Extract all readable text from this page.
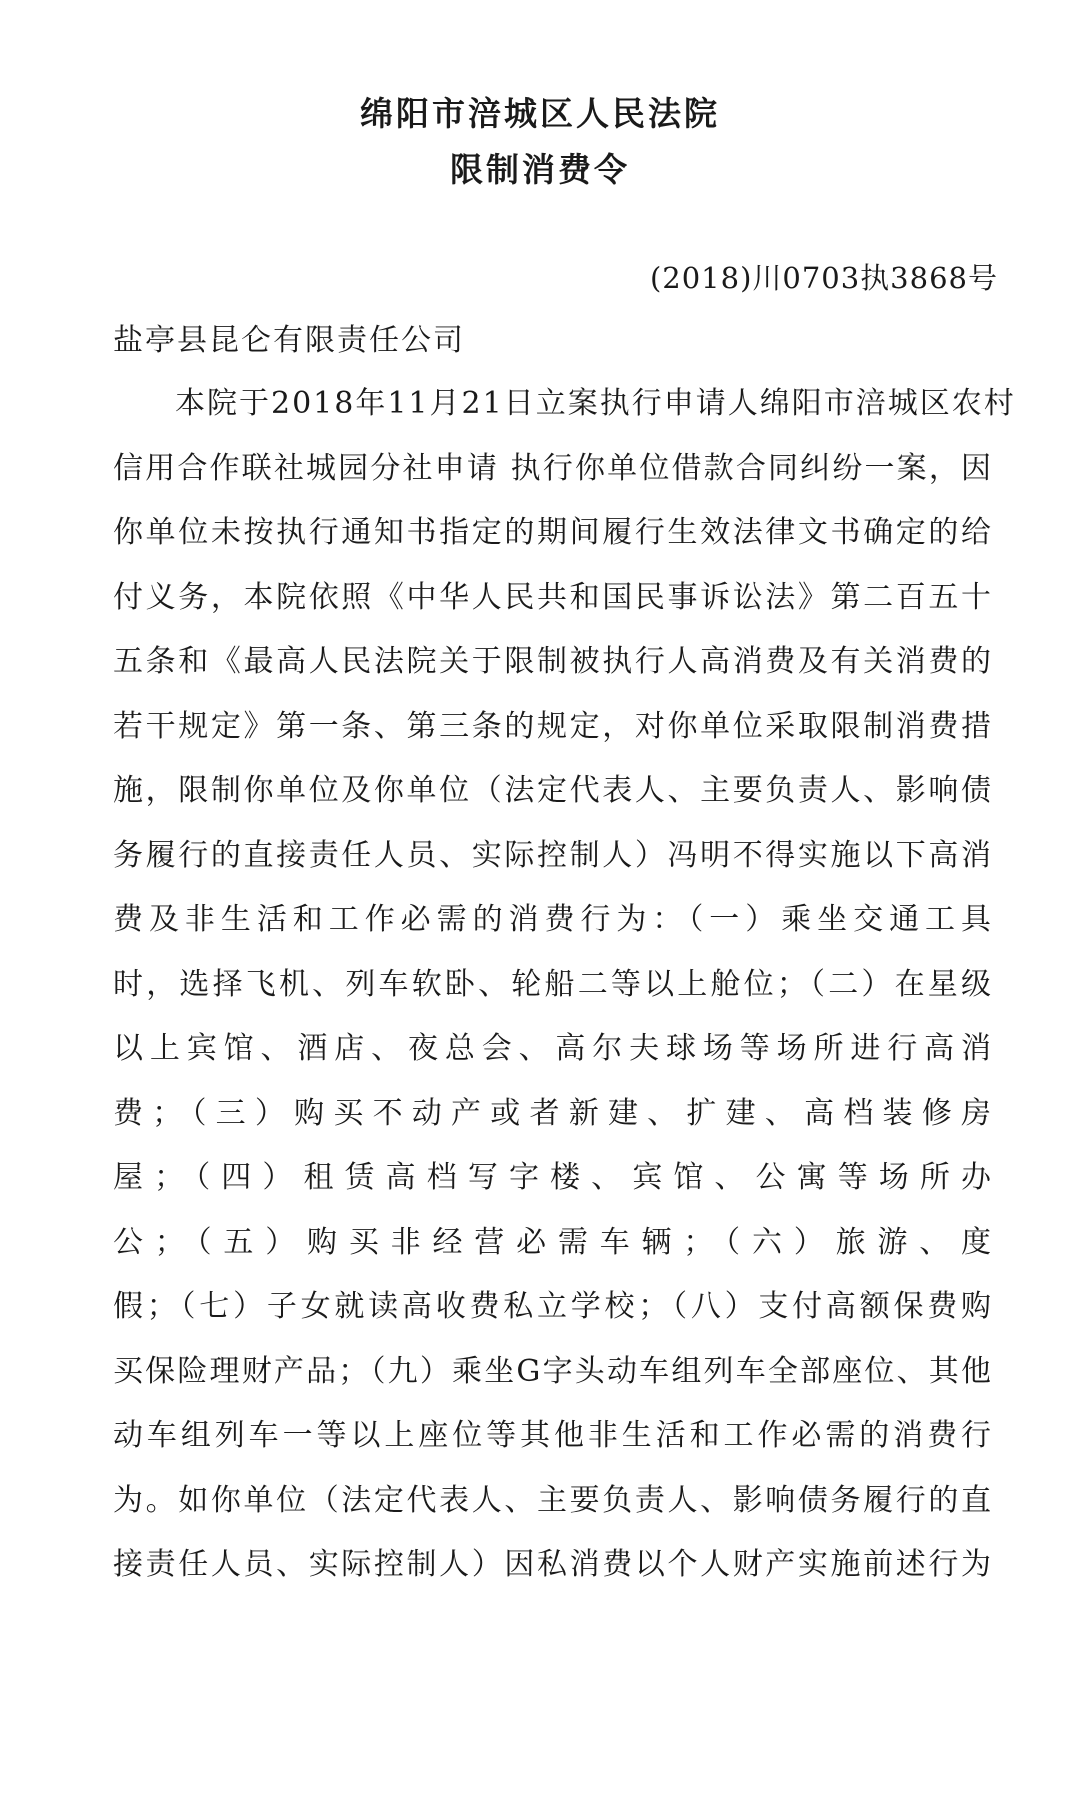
绵阳市涪城区人民法院
限制消费令
(2018)川0703执3868号
盐亭县昆仑有限责任公司
本院于2018年11月21日立案执行申请人绵阳市涪城区农村
信用合作联社城园分社申请 执行你单位借款合同纠纷一案，因
你单位未按执行通知书指定的期间履行生效法律文书确定的给
付义务，本院依照《中华人民共和国民事诉讼法》第二百五十
五条和《最高人民法院关于限制被执行人高消费及有关消费的
若干规定》第一条、第三条的规定，对你单位采取限制消费措
施，限制你单位及你单位（法定代表人、主要负责人、影响债
务履行的直接责任人员、实际控制人）冯明不得实施以下高消
费及非生活和工作必需的消费行为：（一）乘坐交通工具
时，选择飞机、列车软卧、轮船二等以上舱位；（二）在星级
以上宾馆、酒店、夜总会、高尔夫球场等场所进行高消
费；（三）购买不动产或者新建、扩建、高档装修房
屋；（四）租赁高档写字楼、宾馆、公寓等场所办
公；（五）购买非经营必需车辆；（六）旅游、度
假；（七）子女就读高收费私立学校；（八）支付高额保费购
买保险理财产品；（九）乘坐G字头动车组列车全部座位、其他
动车组列车一等以上座位等其他非生活和工作必需的消费行
为。如你单位（法定代表人、主要负责人、影响债务履行的直
接责任人员、实际控制人）因私消费以个人财产实施前述行为
